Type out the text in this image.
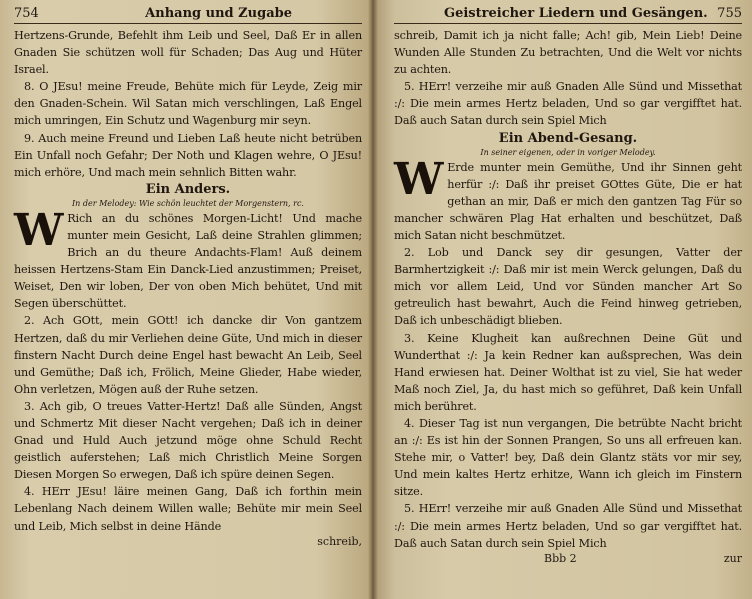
754	Anhang und Zugabe

Hertzens-Grunde, Befehlt ihm Leib und Seel, Daß Er in allen Gnaden Sie schützen woll für Schaden; Das Aug und Hüter Israel.

8. O JEsu! meine Freude, Behüte mich für Leyde, Zeig mir den Gnaden-Schein. Wil Satan mich verschlingen, Laß Engel mich umringen, Ein Schutz und Wagenburg mir seyn.

9. Auch meine Freund und Lieben Laß heute nicht betrüben Ein Unfall noch Gefahr; Der Noth und Klagen wehre, O JEsu! mich erhöre, Und mach mein sehnlich Bitten wahr.

Ein Anders.
In der Melodey: Wie schön leuchtet der Morgenstern, rc.

W Rich an du schönes Morgen-Licht! Und mache munter mein Gesicht, Laß deine Strahlen glimmen; Brich an du theure Andachts-Flam! Auß deinem heissen Hertzens-Stam Ein Danck-Lied anzustimmen; Preiset, Weiset, Den wir loben, Der von oben Mich behütet, Und mit Segen überschüttet.

2. Ach GOtt, mein GOtt! ich dancke dir Von gantzem Hertzen, daß du mir Verliehen deine Güte, Und mich in dieser finstern Nacht Durch deine Engel hast bewacht An Leib, Seel und Gemüthe; Daß ich, Frölich, Meine Glieder, Habe wieder, Ohn verletzen, Mögen auß der Ruhe setzen.

3. Ach gib, O treues Vatter-Hertz! Daß alle Sünden, Angst und Schmertz Mit dieser Nacht vergehen; Daß ich in deiner Gnad und Huld Auch jetzund möge ohne Schuld Recht geistlich auferstehen; Laß mich Christlich Meine Sorgen Diesen Morgen So erwegen, Daß ich spüre deinen Segen.

4. HErr JEsu! läire meinen Gang, Daß ich forthin mein Lebenlang Nach deinem Willen walle; Behüte mir mein Seel und Leib, Mich selbst in deine Hände

schreib,
Geistreicher Liedern und Gesängen. 755

schreib, Damit ich ja nicht falle; Ach! gib, Mein Lieb! Deine Wunden Alle Stunden Zu betrachten, Und die Welt vor nichts zu achten.

5. HErr! verzeihe mir auß Gnaden Alle Sünd und Missethat :/: Die mein armes Hertz beladen, Und so gar vergifftet hat. Daß auch Satan durch sein Spiel Mich

Ein Abend-Gesang.
In seiner eigenen, oder in voriger Melodey.

W Erde munter mein Gemüthe, Und ihr Sinnen geht herfür :/: Daß ihr preiset GOttes Güte, Die er hat gethan an mir, Daß er mich den gantzen Tag Für so mancher schwären Plag Hat erhalten und beschützet, Daß mich Satan nicht beschmützet.

2. Lob und Danck sey dir gesungen, Vatter der Barmhertzigkeit :/: Daß mir ist mein Werck gelungen, Daß du mich vor allem Leid, Und vor Sünden mancher Art So getreulich hast bewahrt, Auch die Feind hinweg getrieben, Daß ich unbeschädigt blieben.

3. Keine Klugheit kan außrechnen Deine Güt und Wunderthat :/: Ja kein Redner kan außsprechen, Was dein Hand erwiesen hat. Deiner Wolthat ist zu viel, Sie hat weder Maß noch Ziel, Ja, du hast mich so geführet, Daß kein Unfall mich berühret.

4. Dieser Tag ist nun vergangen, Die betrübte Nacht bricht an :/: Es ist hin der Sonnen Prangen, So uns all erfreuen kan. Stehe mir, o Vatter! bey, Daß dein Glantz stäts vor mir sey, Und mein kaltes Hertz erhitze, Wann ich gleich im Finstern sitze.

5. HErr! verzeihe mir auß Gnaden Alle Sünd und Missethat :/: Die mein armes Hertz beladen, Und so gar vergifftet hat. Daß auch Satan durch sein Spiel Mich

Bbb 2	zur
